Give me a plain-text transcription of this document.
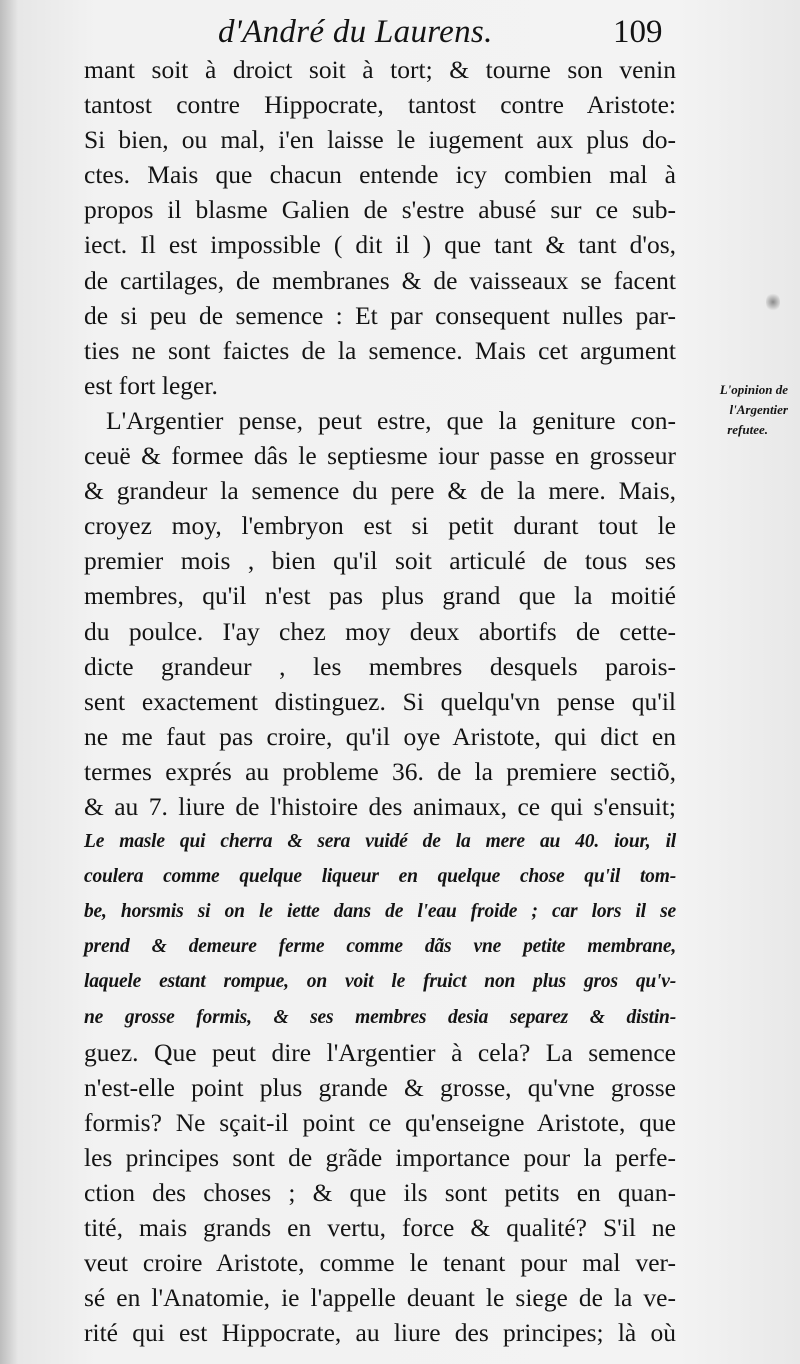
d'André du Laurens.	109
mant soit à droict soit à tort; & tourne son venin
tantost contre Hippocrate, tantost contre Aristote:
Si bien, ou mal, i'en laisse le iugement aux plus do-
ctes. Mais que chacun entende icy combien mal à
propos il blasme Galien de s'estre abusé sur ce sub-
iect. Il est impossible ( dit il ) que tant & tant d'os,
de cartilages, de membranes & de vaisseaux se facent
de si peu de semence : Et par consequent nulles par-
ties ne sont faictes de la semence. Mais cet argument
est fort leger.
L'Argentier pense, peut estre, que la geniture con-
ceuë & formee dâs le septiesme iour passe en grosseur
& grandeur la semence du pere & de la mere. Mais,
croyez moy, l'embryon est si petit durant tout le
premier mois , bien qu'il soit articulé de tous ses
membres, qu'il n'est pas plus grand que la moitié
du poulce. I'ay chez moy deux abortifs de cette-
dicte grandeur , les membres desquels parois-
sent exactement distinguez. Si quelqu'vn pense qu'il
ne me faut pas croire, qu'il oye Aristote, qui dict en
termes exprés au probleme 36. de la premiere sectiõ,
& au 7. liure de l'histoire des animaux, ce qui s'ensuit;
Le masle qui cherra & sera vuidé de la mere au 40. iour, il
coulera comme quelque liqueur en quelque chose qu'il tom-
be, horsmis si on le iette dans de l'eau froide ; car lors il se
prend & demeure ferme comme dãs vne petite membrane,
laquele estant rompue, on voit le fruict non plus gros qu'v-
ne grosse formis, & ses membres desia separez & distin-
guez. Que peut dire l'Argentier à cela? La semence
n'est-elle point plus grande & grosse, qu'vne grosse
formis? Ne sçait-il point ce qu'enseigne Aristote, que
les principes sont de grãde importance pour la perfe-
ction des choses ; & que ils sont petits en quan-
tité, mais grands en vertu, force & qualité? S'il ne
veut croire Aristote, comme le tenant pour mal ver-
sé en l'Anatomie, ie l'appelle deuant le siege de la ve-
rité qui est Hippocrate, au liure des principes; là où
L'opinion de
l'Argentier
refutee.
